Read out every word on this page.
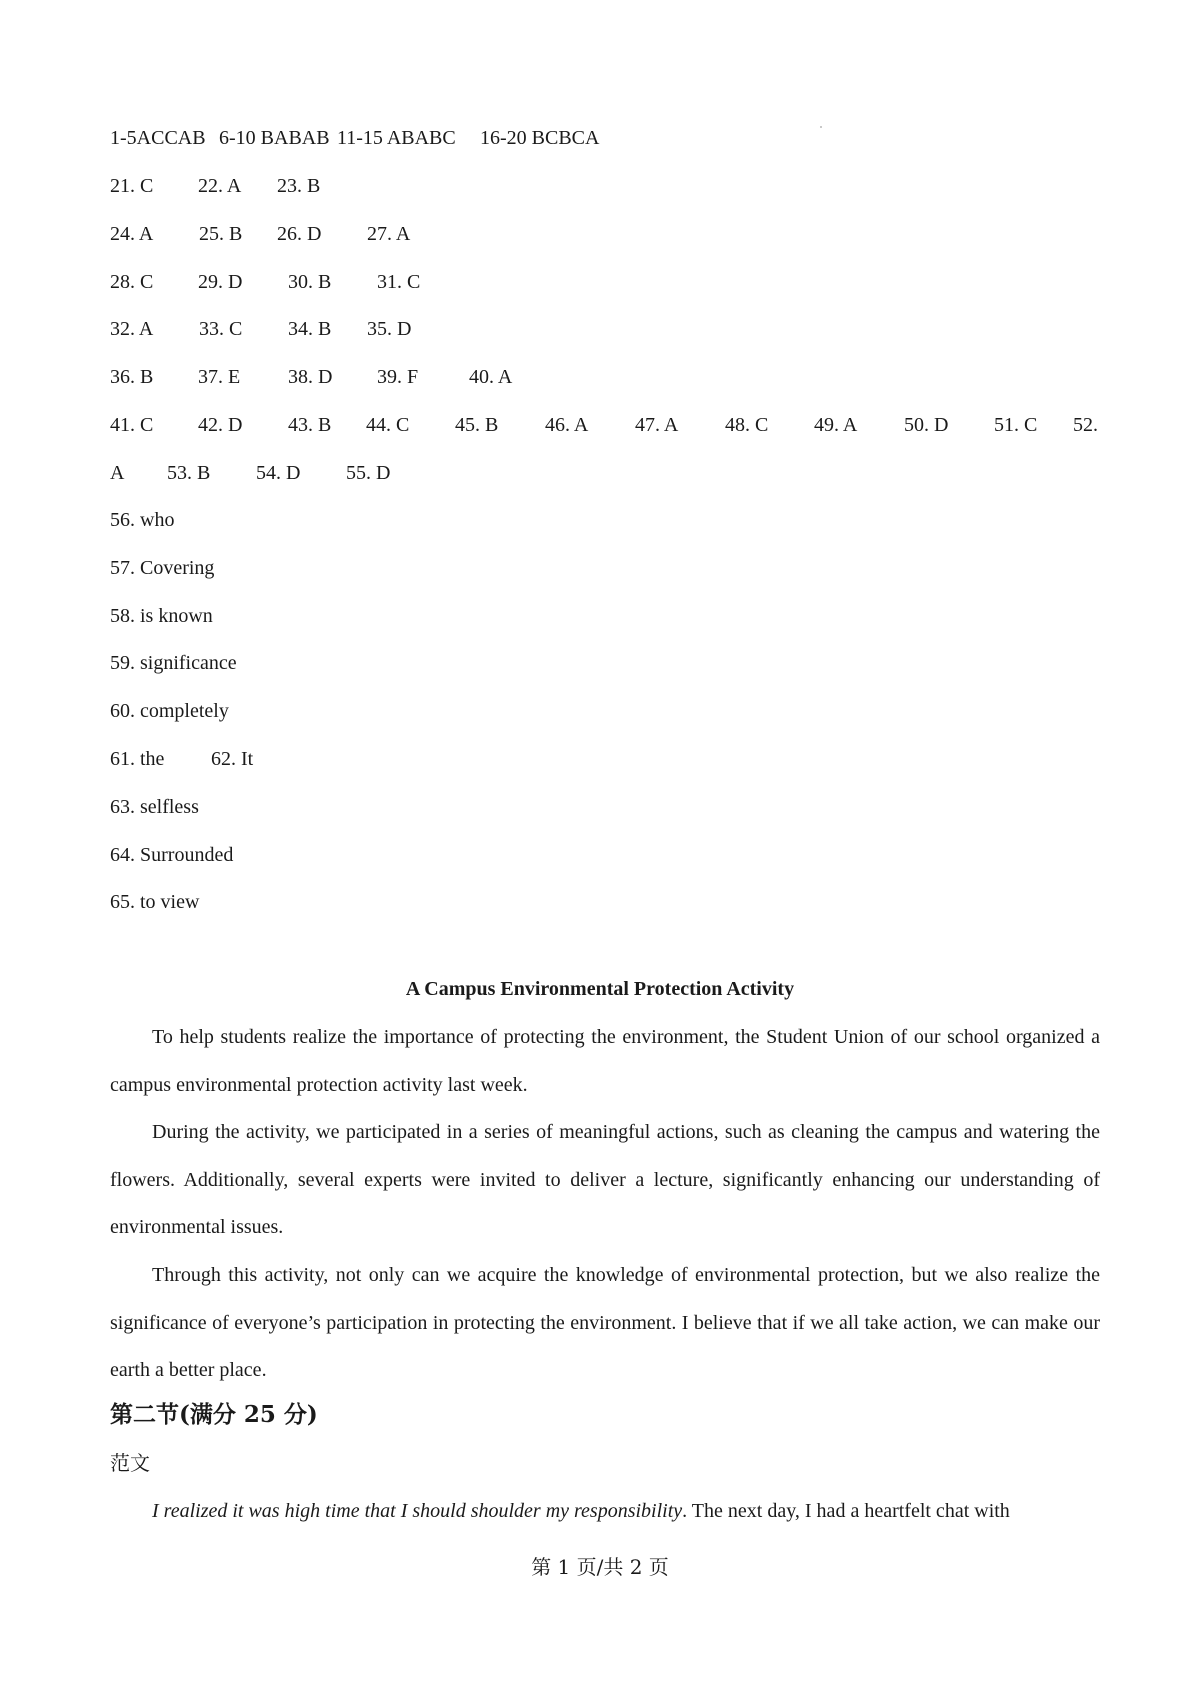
1-5ACCAB 6-10 BABAB 11-15 ABABC 16-20 BCBCA
21. C 22. A 23. B
24. A 25. B 26. D 27. A
28. C 29. D 30. B 31. C
32. A 33. C 34. B 35. D
36. B 37. E 38. D 39. F	40. A
41. C 42. D 43. B 44. C 45. B 46. A 47. A 48. C 49. A 50. D 51. C 52.
A 53. B 54. D 55. D
56. who
57. Covering
58. is known
59. significance
60. completely
61. the 62. It
63. selfless
64. Surrounded
65. to view
A Campus Environmental Protection Activity
To help students realize the importance of protecting the environment, the Student Union of our school organized a campus environmental protection activity last week.
During the activity, we participated in a series of meaningful actions, such as cleaning the campus and watering the flowers. Additionally, several experts were invited to deliver a lecture, significantly enhancing our understanding of environmental issues.
Through this activity, not only can we acquire the knowledge of environmental protection, but we also realize the significance of everyone’s participation in protecting the environment. I believe that if we all take action, we can make our earth a better place.
第二节(满分 25 分)
范文
I realized it was high time that I should shoulder my responsibility. The next day, I had a heartfelt chat with
第 1 页/共 2 页
